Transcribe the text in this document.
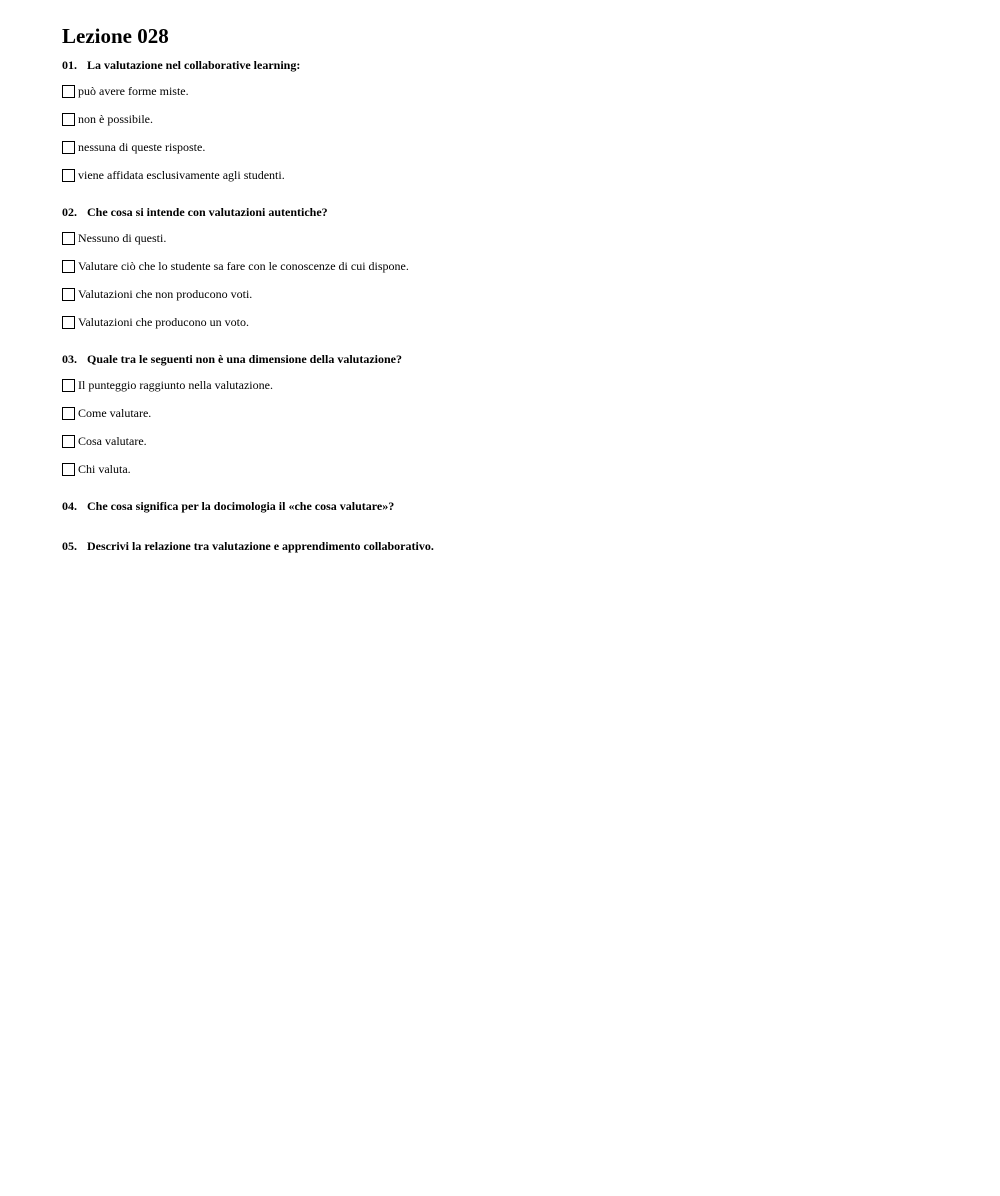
Lezione 028
01. La valutazione nel collaborative learning:
può avere forme miste.
non è possibile.
nessuna di queste risposte.
viene affidata esclusivamente agli studenti.
02. Che cosa si intende con valutazioni autentiche?
Nessuno di questi.
Valutare ciò che lo studente sa fare con le conoscenze di cui dispone.
Valutazioni che non producono voti.
Valutazioni che producono un voto.
03. Quale tra le seguenti non è una dimensione della valutazione?
Il punteggio raggiunto nella valutazione.
Come valutare.
Cosa valutare.
Chi valuta.
04. Che cosa significa per la docimologia il «che cosa valutare»?
05. Descrivi la relazione tra valutazione e apprendimento collaborativo.
